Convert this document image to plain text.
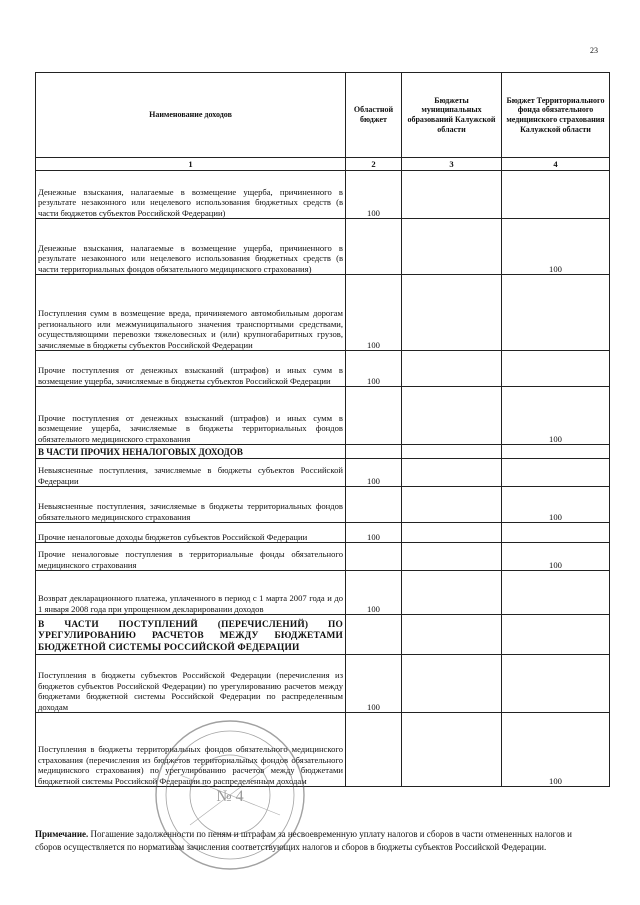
23
Наименование доходов	Областной бюджет	Бюджеты муниципальных образований Калужской области	Бюджет Территориального фонда обязательного медицинского страхования Калужской области
1	2	3	4
Денежные взыскания, налагаемые в возмещение ущерба, причиненного в результате незаконного или нецелевого использования бюджетных средств (в части бюджетов субъектов Российской Федерации)	100		
Денежные взыскания, налагаемые в возмещение ущерба, причиненного в результате незаконного или нецелевого использования бюджетных средств (в части территориальных фондов обязательного медицинского страхования)			100
Поступления сумм в возмещение вреда, причиняемого автомобильным дорогам регионального или межмуниципального значения транспортными средствами, осуществляющими перевозки тяжеловесных и (или) крупногабаритных грузов, зачисляемые в бюджеты субъектов Российской Федерации	100		
Прочие поступления от денежных взысканий (штрафов) и иных сумм в возмещение ущерба, зачисляемые в бюджеты субъектов Российской Федерации	100		
Прочие поступления от денежных взысканий (штрафов) и иных сумм в возмещение ущерба, зачисляемые в бюджеты территориальных фондов обязательного медицинского страхования			100
В ЧАСТИ ПРОЧИХ НЕНАЛОГОВЫХ ДОХОДОВ			
Невыясненные поступления, зачисляемые в бюджеты субъектов Российской Федерации	100		
Невыясненные поступления, зачисляемые в бюджеты территориальных фондов обязательного медицинского страхования			100
Прочие неналоговые доходы бюджетов субъектов Российской Федерации	100		
Прочие неналоговые поступления в территориальные фонды обязательного медицинского страхования			100
Возврат декларационного платежа, уплаченного в период с 1 марта 2007 года и до 1 января 2008 года при упрощенном декларировании доходов	100		
В ЧАСТИ ПОСТУПЛЕНИЙ (ПЕРЕЧИСЛЕНИЙ) ПО УРЕГУЛИРОВАНИЮ РАСЧЕТОВ МЕЖДУ БЮДЖЕТАМИ БЮДЖЕТНОЙ СИСТЕМЫ РОССИЙСКОЙ ФЕДЕРАЦИИ			
Поступления в бюджеты субъектов Российской Федерации (перечисления из бюджетов субъектов Российской Федерации) по урегулированию расчетов между бюджетами бюджетной системы Российской Федерации по распределенным доходам	100		
Поступления в бюджеты территориальных фондов обязательного медицинского страхования (перечисления из бюджетов территориальных фондов обязательного медицинского страхования) по урегулированию расчетов между бюджетами бюджетной системы Российской Федерации по распределенным доходам			100
№ 4
Примечание. Погашение задолженности по пеням и штрафам за несвоевременную уплату налогов и сборов в части отмененных налогов и сборов осуществляется по нормативам зачисления соответствующих налогов и сборов в бюджеты субъектов Российской Федерации.
